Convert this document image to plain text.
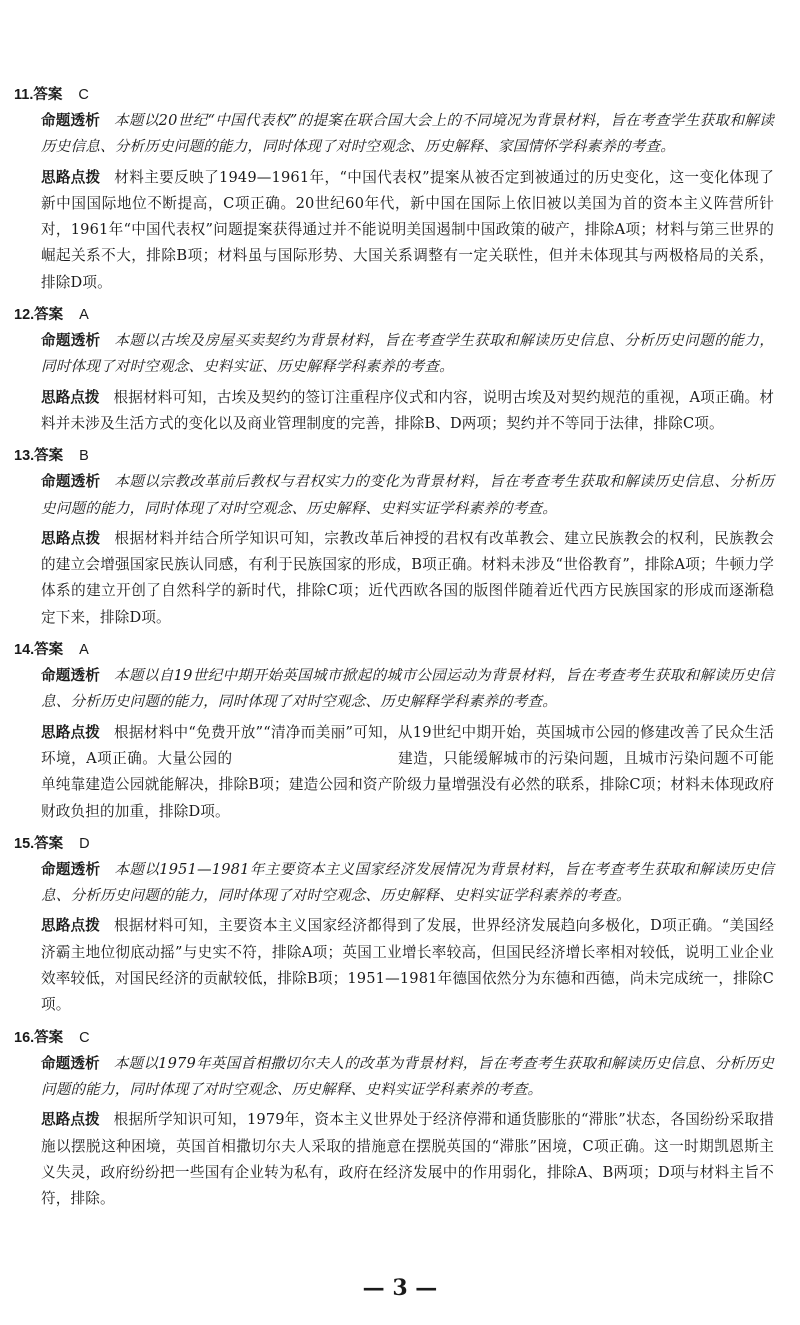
11.答案 C
命题透析 本题以20世纪“中国代表权”的提案在联合国大会上的不同境况为背景材料，旨在考查学生获取和解读历史信息、分析历史问题的能力，同时体现了对时空观念、历史解释、家国情怀学科素养的考查。
思路点拨 材料主要反映了1949—1961年，“中国代表权”提案从被否定到被通过的历史变化，这一变化体现了新中国国际地位不断提高，C项正确。20世纪60年代，新中国在国际上依旧被以美国为首的资本主义阵营所针对，1961年“中国代表权”问题提案获得通过并不能说明美国遏制中国政策的破产，排除A项；材料与第三世界的崛起关系不大，排除B项；材料虽与国际形势、大国关系调整有一定关联性，但并未体现其与两极格局的关系，排除D项。
12.答案 A
命题透析 本题以古埃及房屋买卖契约为背景材料，旨在考查学生获取和解读历史信息、分析历史问题的能力，同时体现了对时空观念、史料实证、历史解释学科素养的考查。
思路点拨 根据材料可知，古埃及契约的签订注重程序仪式和内容，说明古埃及对契约规范的重视，A项正确。材料并未涉及生活方式的变化以及商业管理制度的完善，排除B、D两项；契约并不等同于法律，排除C项。
13.答案 B
命题透析 本题以宗教改革前后教权与君权实力的变化为背景材料，旨在考查考生获取和解读历史信息、分析历史问题的能力，同时体现了对时空观念、历史解释、史料实证学科素养的考查。
思路点拨 根据材料并结合所学知识可知，宗教改革后神授的君权有改革教会、建立民族教会的权利，民族教会的建立会增强国家民族认同感，有利于民族国家的形成，B项正确。材料未涉及“世俗教育”，排除A项；牛顿力学体系的建立开创了自然科学的新时代，排除C项；近代西欧各国的版图伴随着近代西方民族国家的形成而逐渐稳定下来，排除D项。
14.答案 A
命题透析 本题以自19世纪中期开始英国城市掀起的城市公园运动为背景材料，旨在考查考生获取和解读历史信息、分析历史问题的能力，同时体现了对时空观念、历史解释学科素养的考查。
思路点拨 根据材料中“免费开放”“清净而美丽”可知，从19世纪中期开始，英国城市公园的修建改善了民众生活环境，A项正确。大量公园的　　　　　　　　　　　建造，只能缓解城市的污染问题，且城市污染问题不可能单纯靠建造公园就能解决，排除B项；建造公园和资产阶级力量增强没有必然的联系，排除C项；材料未体现政府财政负担的加重，排除D项。
15.答案 D
命题透析 本题以1951—1981年主要资本主义国家经济发展情况为背景材料，旨在考查考生获取和解读历史信息、分析历史问题的能力，同时体现了对时空观念、历史解释、史料实证学科素养的考查。
思路点拨 根据材料可知，主要资本主义国家经济都得到了发展，世界经济发展趋向多极化，D项正确。“美国经济霸主地位彻底动摇”与史实不符，排除A项；英国工业增长率较高，但国民经济增长率相对较低，说明工业企业效率较低，对国民经济的贡献较低，排除B项；1951—1981年德国依然分为东德和西德，尚未完成统一，排除C项。
16.答案 C
命题透析 本题以1979年英国首相撒切尔夫人的改革为背景材料，旨在考查考生获取和解读历史信息、分析历史问题的能力，同时体现了对时空观念、历史解释、史料实证学科素养的考查。
思路点拨 根据所学知识可知，1979年，资本主义世界处于经济停滞和通货膨胀的“滞胀”状态，各国纷纷采取措施以摆脱这种困境，英国首相撒切尔夫人采取的措施意在摆脱英国的“滞胀”困境，C项正确。这一时期凯恩斯主义失灵，政府纷纷把一些国有企业转为私有，政府在经济发展中的作用弱化，排除A、B两项；D项与材料主旨不符，排除。
— 3 —
